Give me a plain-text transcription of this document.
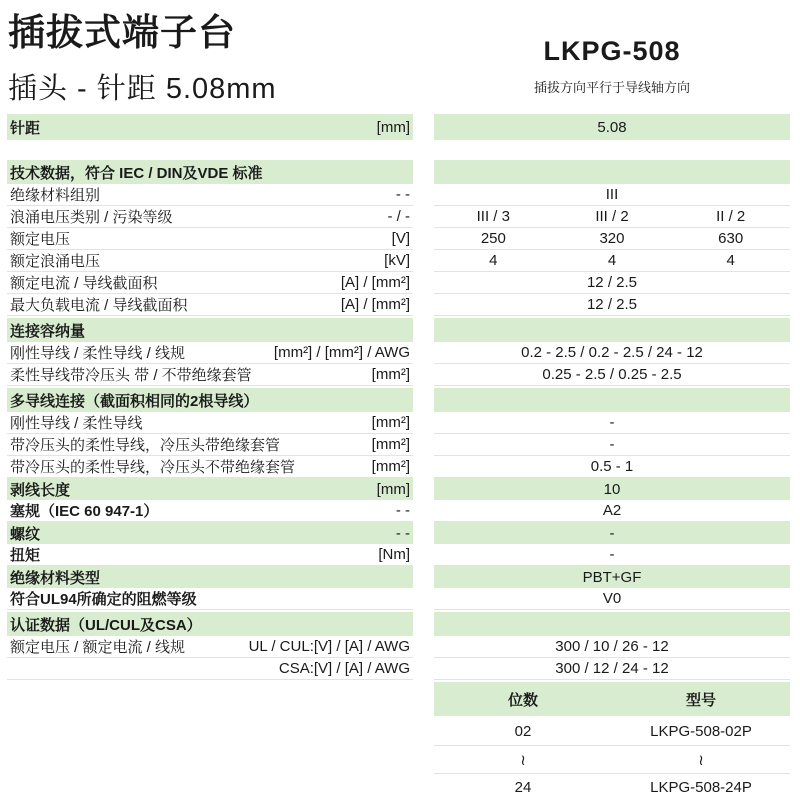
插拔式端子台
插头 - 针距 5.08mm
LKPG-508
插拔方向平行于导线轴方向
针距	[mm]	5.08
技术数据，符合 IEC / DIN及VDE 标准
绝缘材料组别	- -	III
浪涌电压类别 / 污染等级	- / -	III / 3	III / 2	II / 2
额定电压	[V]	250	320	630
额定浪涌电压	[kV]	4	4	4
额定电流 / 导线截面积	[A] / [mm²]	12 / 2.5
最大负载电流 / 导线截面积	[A] / [mm²]	12 / 2.5
连接容纳量
刚性导线 / 柔性导线 / 线规	[mm²] / [mm²] / AWG	0.2 - 2.5 / 0.2 - 2.5 / 24 - 12
柔性导线带冷压头 带 / 不带绝缘套管	[mm²]	0.25 - 2.5 / 0.25 - 2.5
多导线连接（截面积相同的2根导线）
刚性导线 / 柔性导线	[mm²]	-
带冷压头的柔性导线，冷压头带绝缘套管	[mm²]	-
带冷压头的柔性导线，冷压头不带绝缘套管	[mm²]	0.5 - 1
剥线长度	[mm]	10
塞规（IEC 60 947-1）	- -	A2
螺纹	- -	-
扭矩	[Nm]	-
绝缘材料类型	PBT+GF
符合UL94所确定的阻燃等级	V0
认证数据（UL/CUL及CSA）
额定电压 / 额定电流 / 线规	UL / CUL:[V] / [A] / AWG	300 / 10 / 26 - 12
CSA:[V] / [A] / AWG	300 / 12 / 24 - 12
位数	型号
02	LKPG-508-02P
≀	≀
24	LKPG-508-24P
